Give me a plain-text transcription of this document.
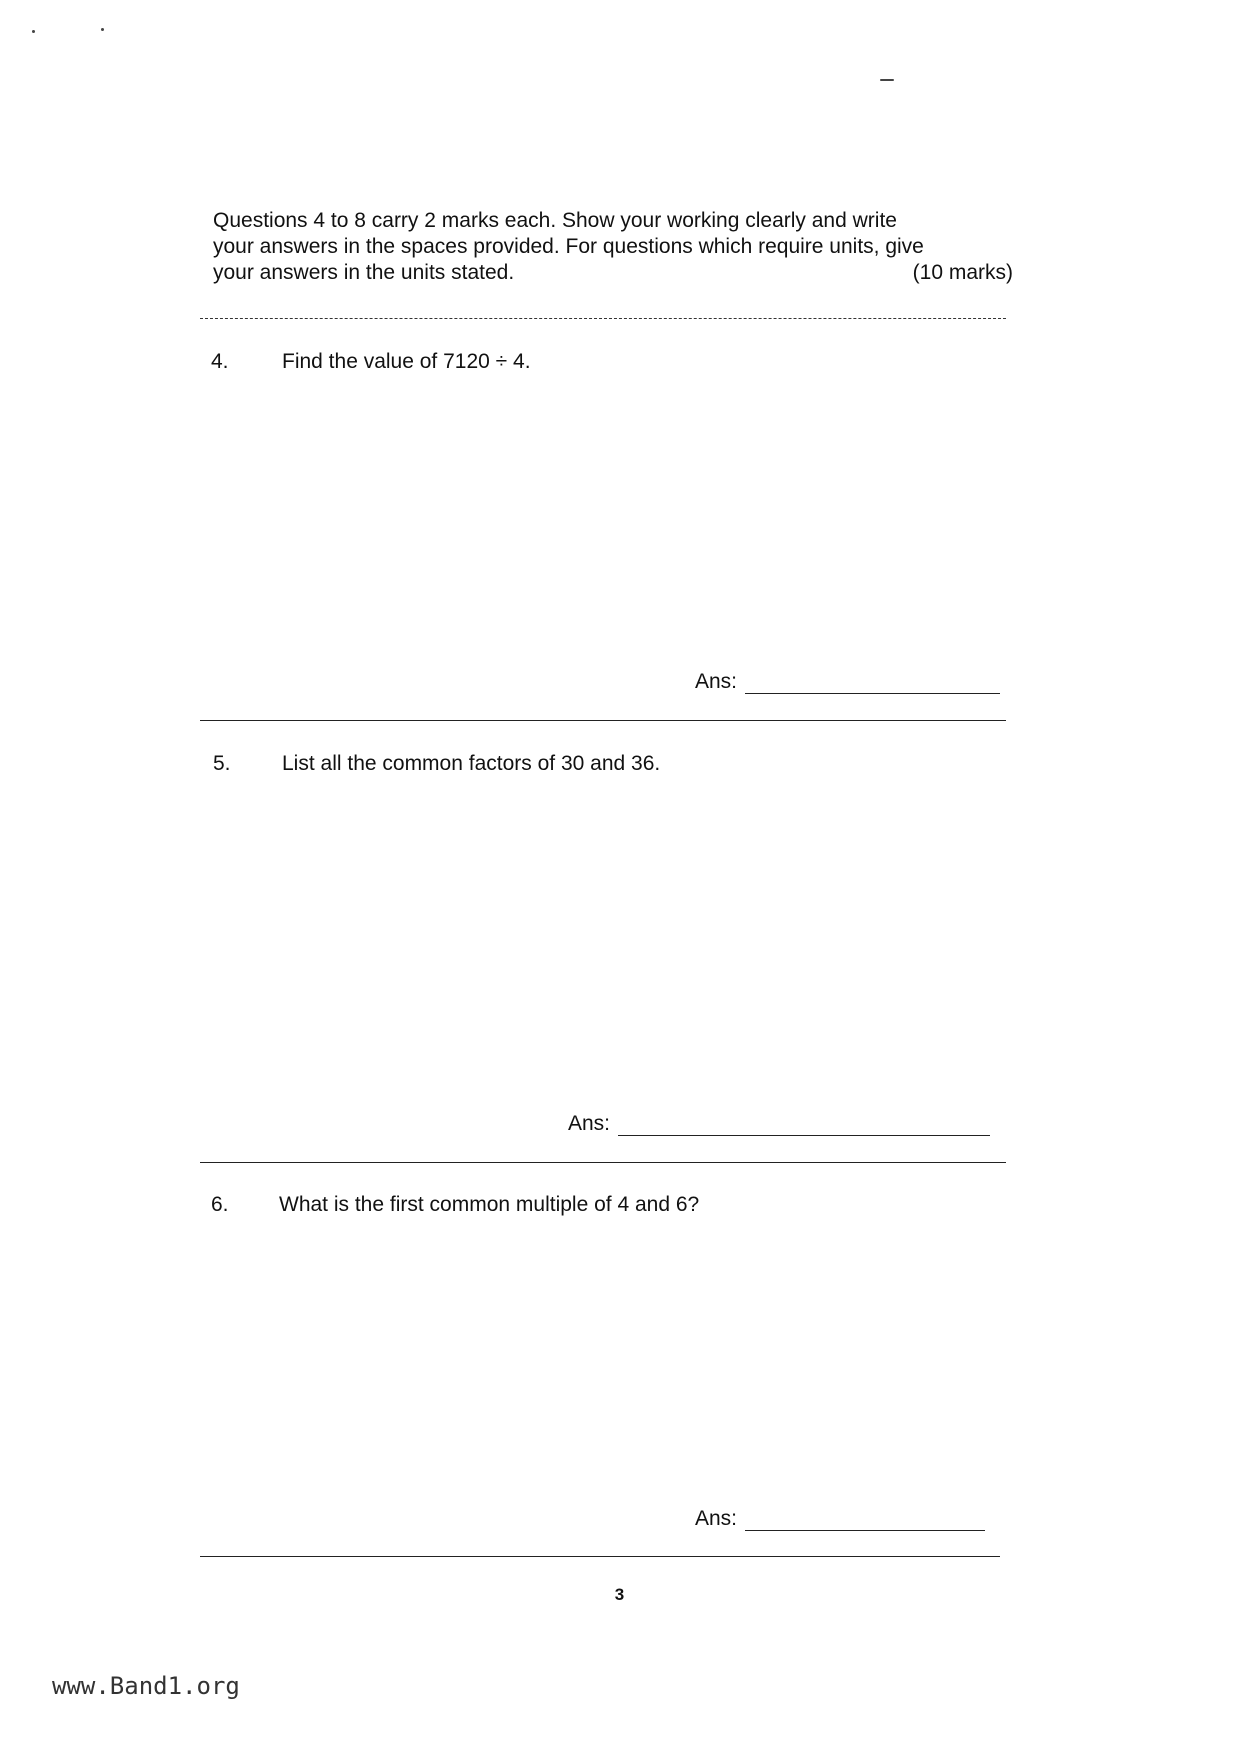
Questions 4 to 8 carry 2 marks each. Show your working clearly and write
your answers in the spaces provided. For questions which require units, give
your answers in the units stated.	(10 marks)
4.	Find the value of 7120 ÷ 4.
Ans:
5. List all the common factors of 30 and 36.
Ans:
6. What is the first common multiple of 4 and 6?
Ans:
3
www.Band1.org
